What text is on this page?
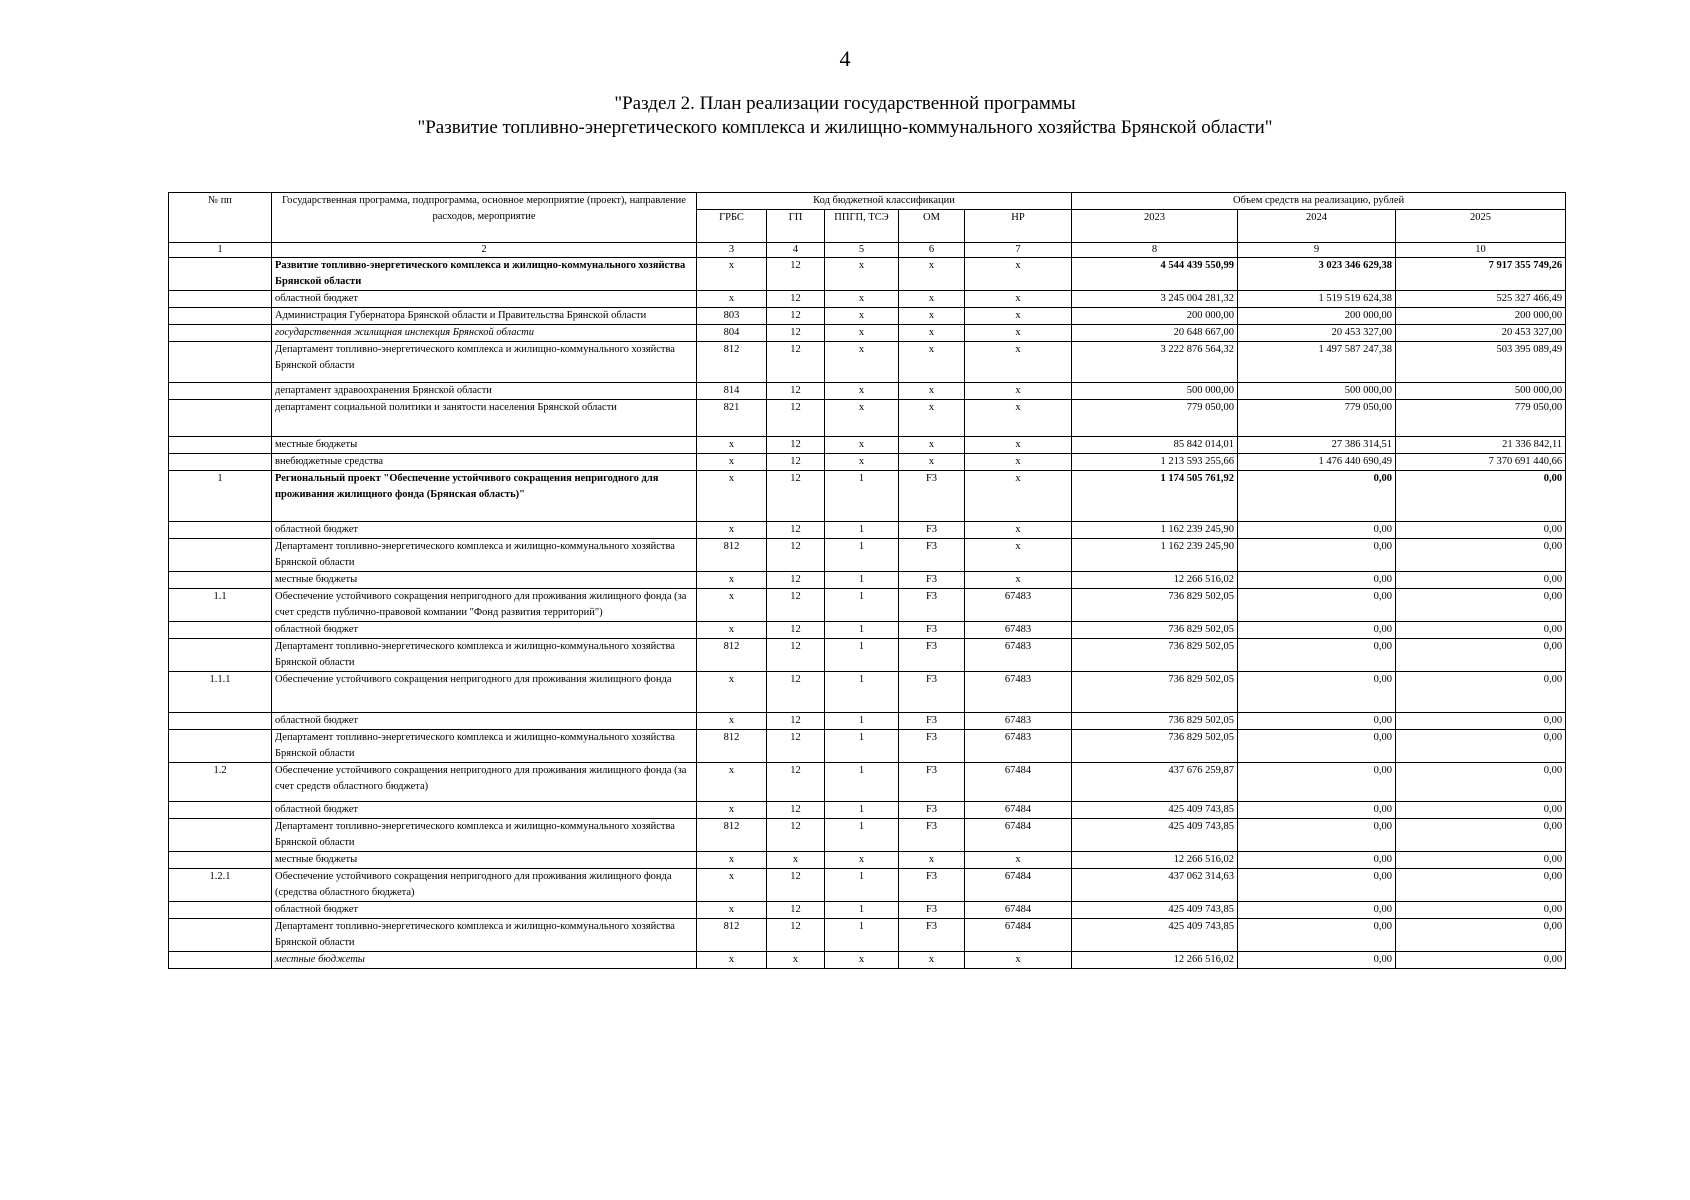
4
"Раздел 2. План реализации государственной программы
"Развитие топливно-энергетического комплекса и жилищно-коммунального хозяйства Брянской области"
№ пп	Государственная программа, подпрограмма, основное мероприятие (проект), направление расходов, мероприятие	Код бюджетной классификации					Объем средств на реализацию, рублей		
		ГРБС	ГП	ППГП, ТСЭ	ОМ	НР	2023	2024	2025
1	2	3	4	5	6	7	8	9	10
	Развитие топливно-энергетического комплекса и жилищно-коммунального хозяйства Брянской области	x	12	x	x	x	4 544 439 550,99	3 023 346 629,38	7 917 355 749,26
	областной бюджет	x	12	x	x	x	3 245 004 281,32	1 519 519 624,38	525 327 466,49
	Администрация Губернатора Брянской области и Правительства Брянской области	803	12	x	x	x	200 000,00	200 000,00	200 000,00
	государственная жилищная инспекция Брянской области	804	12	x	x	x	20 648 667,00	20 453 327,00	20 453 327,00
	Департамент топливно-энергетического комплекса и жилищно-коммунального хозяйства Брянской области	812	12	x	x	x	3 222 876 564,32	1 497 587 247,38	503 395 089,49
	департамент здравоохранения Брянской области	814	12	x	x	x	500 000,00	500 000,00	500 000,00
	департамент социальной политики и занятости населения Брянской области	821	12	x	x	x	779 050,00	779 050,00	779 050,00
	местные бюджеты	x	12	x	x	x	85 842 014,01	27 386 314,51	21 336 842,11
	внебюджетные средства	x	12	x	x	x	1 213 593 255,66	1 476 440 690,49	7 370 691 440,66
1	Региональный проект "Обеспечение устойчивого сокращения непригодного для проживания жилищного фонда (Брянская область)"	x	12	1	F3	x	1 174 505 761,92	0,00	0,00
	областной бюджет	x	12	1	F3	x	1 162 239 245,90	0,00	0,00
	Департамент топливно-энергетического комплекса и жилищно-коммунального хозяйства Брянской области	812	12	1	F3	x	1 162 239 245,90	0,00	0,00
	местные бюджеты	x	12	1	F3	x	12 266 516,02	0,00	0,00
1.1	Обеспечение устойчивого сокращения непригодного для проживания жилищного фонда (за счет средств публично-правовой компании "Фонд развития территорий")	x	12	1	F3	67483	736 829 502,05	0,00	0,00
	областной бюджет	x	12	1	F3	67483	736 829 502,05	0,00	0,00
	Департамент топливно-энергетического комплекса и жилищно-коммунального хозяйства Брянской области	812	12	1	F3	67483	736 829 502,05	0,00	0,00
1.1.1	Обеспечение устойчивого сокращения непригодного для проживания жилищного фонда	x	12	1	F3	67483	736 829 502,05	0,00	0,00
	областной бюджет	x	12	1	F3	67483	736 829 502,05	0,00	0,00
	Департамент топливно-энергетического комплекса и жилищно-коммунального хозяйства Брянской области	812	12	1	F3	67483	736 829 502,05	0,00	0,00
1.2	Обеспечение устойчивого сокращения непригодного для проживания жилищного фонда (за счет средств областного бюджета)	x	12	1	F3	67484	437 676 259,87	0,00	0,00
	областной бюджет	x	12	1	F3	67484	425 409 743,85	0,00	0,00
	Департамент топливно-энергетического комплекса и жилищно-коммунального хозяйства Брянской области	812	12	1	F3	67484	425 409 743,85	0,00	0,00
	местные бюджеты	x	x	x	x	x	12 266 516,02	0,00	0,00
1.2.1	Обеспечение устойчивого сокращения непригодного для проживания жилищного фонда (средства областного бюджета)	x	12	1	F3	67484	437 062 314,63	0,00	0,00
	областной бюджет	x	12	1	F3	67484	425 409 743,85	0,00	0,00
	Департамент топливно-энергетического комплекса и жилищно-коммунального хозяйства Брянской области	812	12	1	F3	67484	425 409 743,85	0,00	0,00
	местные бюджеты	x	x	x	x	x	12 266 516,02	0,00	0,00
